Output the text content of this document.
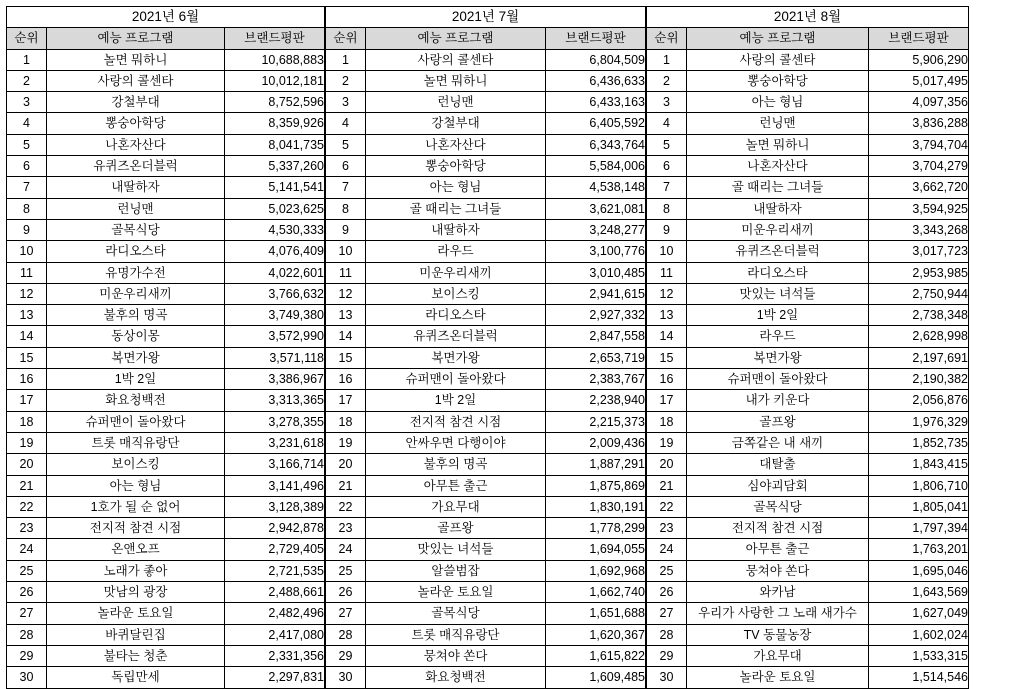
2021년 6월		
순위	예능 프로그램	브랜드평판
1	놀면 뭐하니	10,688,883
2	사랑의 콜센타	10,012,181
3	강철부대	8,752,596
4	뽕숭아학당	8,359,926
5	나혼자산다	8,041,735
6	유퀴즈온더블럭	5,337,260
7	내딸하자	5,141,541
8	런닝맨	5,023,625
9	골목식당	4,530,333
10	라디오스타	4,076,409
11	유명가수전	4,022,601
12	미운우리새끼	3,766,632
13	불후의 명곡	3,749,380
14	동상이몽	3,572,990
15	복면가왕	3,571,118
16	1박 2일	3,386,967
17	화요청백전	3,313,365
18	슈퍼맨이 돌아왔다	3,278,355
19	트롯 매직유랑단	3,231,618
20	보이스킹	3,166,714
21	아는 형님	3,141,496
22	1호가 될 순 없어	3,128,389
23	전지적 참견 시점	2,942,878
24	온앤오프	2,729,405
25	노래가 좋아	2,721,535
26	맛남의 광장	2,488,661
27	놀라운 토요일	2,482,496
28	바퀴달린집	2,417,080
29	불타는 청춘	2,331,356
30	독립만세	2,297,831
2021년 7월		
순위	예능 프로그램	브랜드평판
1	사랑의 콜센타	6,804,509
2	놀면 뭐하니	6,436,633
3	런닝맨	6,433,163
4	강철부대	6,405,592
5	나혼자산다	6,343,764
6	뽕숭아학당	5,584,006
7	아는 형님	4,538,148
8	골 때리는 그녀들	3,621,081
9	내딸하자	3,248,277
10	라우드	3,100,776
11	미운우리새끼	3,010,485
12	보이스킹	2,941,615
13	라디오스타	2,927,332
14	유퀴즈온더블럭	2,847,558
15	복면가왕	2,653,719
16	슈퍼맨이 돌아왔다	2,383,767
17	1박 2일	2,238,940
18	전지적 참견 시점	2,215,373
19	안싸우면 다행이야	2,009,436
20	불후의 명곡	1,887,291
21	아무튼 출근	1,875,869
22	가요무대	1,830,191
23	골프왕	1,778,299
24	맛있는 녀석들	1,694,055
25	알쓸범잡	1,692,968
26	놀라운 토요일	1,662,740
27	골목식당	1,651,688
28	트롯 매직유랑단	1,620,367
29	뭉쳐야 쏜다	1,615,822
30	화요청백전	1,609,485
2021년 8월		
순위	예능 프로그램	브랜드평판
1	사랑의 콜센타	5,906,290
2	뽕숭아학당	5,017,495
3	아는 형님	4,097,356
4	런닝맨	3,836,288
5	놀면 뭐하니	3,794,704
6	나혼자산다	3,704,279
7	골 때리는 그녀들	3,662,720
8	내딸하자	3,594,925
9	미운우리새끼	3,343,268
10	유퀴즈온더블럭	3,017,723
11	라디오스타	2,953,985
12	맛있는 녀석들	2,750,944
13	1박 2일	2,738,348
14	라우드	2,628,998
15	복면가왕	2,197,691
16	슈퍼맨이 돌아왔다	2,190,382
17	내가 키운다	2,056,876
18	골프왕	1,976,329
19	금쪽같은 내 새끼	1,852,735
20	대탈출	1,843,415
21	심야괴담회	1,806,710
22	골목식당	1,805,041
23	전지적 참견 시점	1,797,394
24	아무튼 출근	1,763,201
25	뭉쳐야 쏜다	1,695,046
26	와카남	1,643,569
27	우리가 사랑한 그 노래 새가수	1,627,049
28	TV 동물농장	1,602,024
29	가요무대	1,533,315
30	놀라운 토요일	1,514,546
